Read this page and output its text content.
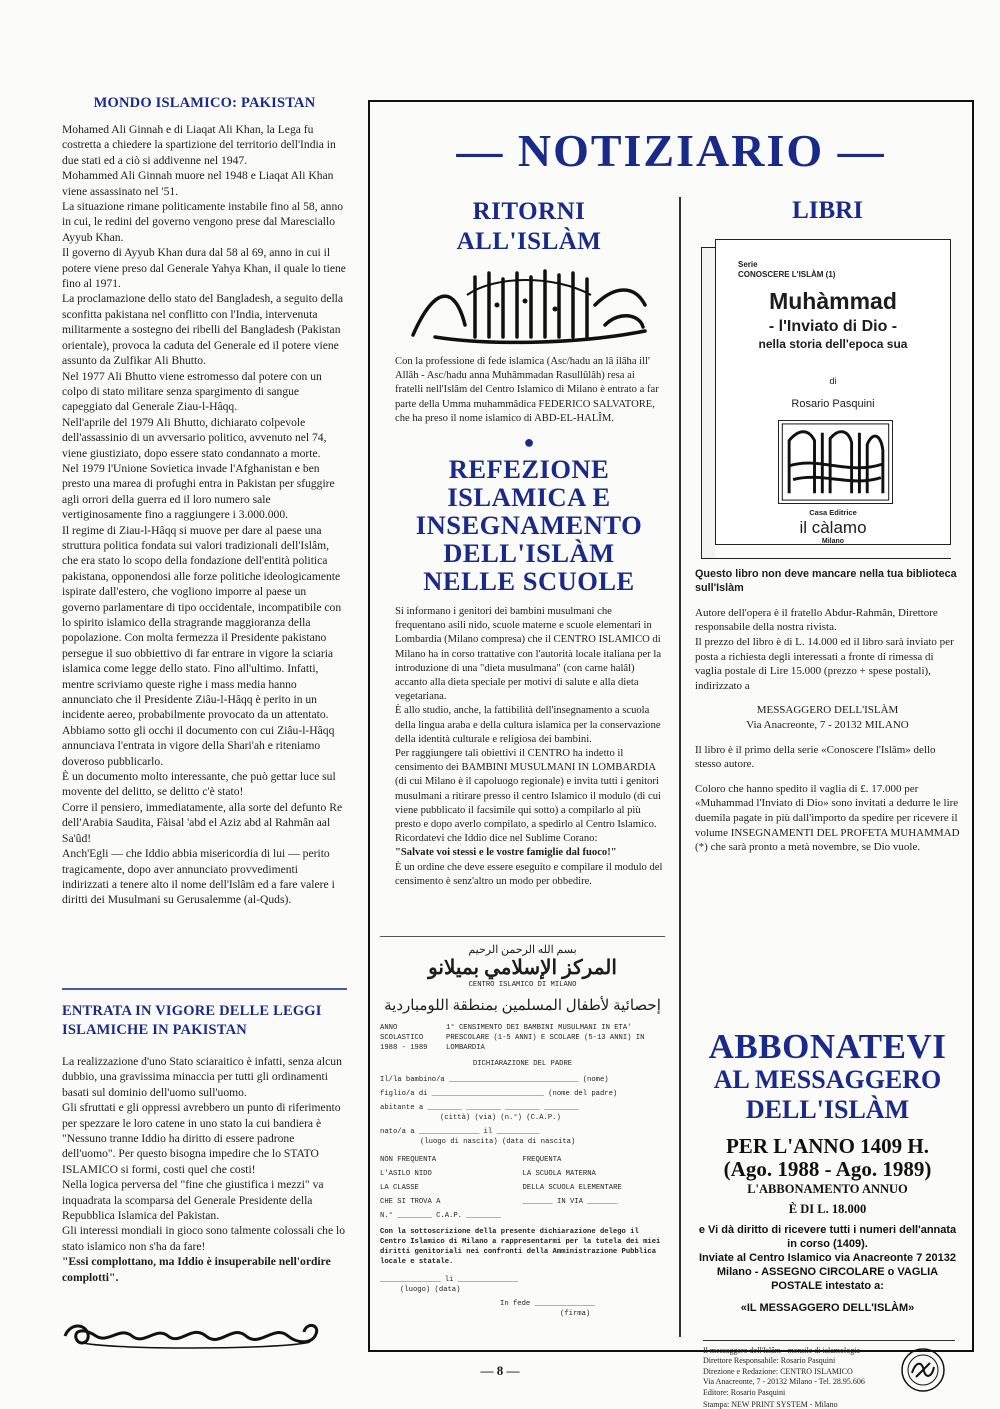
MONDO ISLAMICO: PAKISTAN

Mohamed Ali Ginnah e di Liaqat Ali Khan, la Lega fu costretta a chiedere la spartizione del territorio dell'India in due stati ed a ciò si addivenne nel 1947.

Mohammed Ali Ginnah muore nel 1948 e Liaqat Ali Khan viene assassinato nel '51.

La situazione rimane politicamente instabile fino al 58, anno in cui, le redini del governo vengono prese dal Maresciallo Ayyub Khan.

Il governo di Ayyub Khan dura dal 58 al 69, anno in cui il potere viene preso dal Generale Yahya Khan, il quale lo tiene fino al 1971.

La proclamazione dello stato del Bangladesh, a seguito della sconfitta pakistana nel conflitto con l'India, intervenuta militarmente a sostegno dei ribelli del Bangladesh (Pakistan orientale), provoca la caduta del Generale ed il potere viene assunto da Zulfikar Ali Bhutto.

Nel 1977 Ali Bhutto viene estromesso dal potere con un colpo di stato militare senza spargimento di sangue capeggiato dal Generale Ziau-l-Hâqq.

Nell'aprile del 1979 Ali Bhutto, dichiarato colpevole dell'assassinio di un avversario politico, avvenuto nel 74, viene giustiziato, dopo essere stato condannato a morte.

Nel 1979 l'Unione Sovietica invade l'Afghanistan e ben presto una marea di profughi entra in Pakistan per sfuggire agli orrori della guerra ed il loro numero sale vertiginosamente fino a raggiungere i 3.000.000.

Il regime di Ziau-l-Hâqq si muove per dare al paese una struttura politica fondata sui valori tradizionali dell'Islâm, che era stato lo scopo della fondazione dell'entità politica pakistana, opponendosi alle forze politiche ideologicamente ispirate dall'estero, che vogliono imporre al paese un governo parlamentare di tipo occidentale, incompatibile con lo spirito islamico della stragrande maggioranza della popolazione. Con molta fermezza il Presidente pakistano persegue il suo obbiettivo di far entrare in vigore la sciaria islamica come legge dello stato. Fino all'ultimo. Infatti, mentre scriviamo queste righe i mass media hanno annunciato che il Presidente Ziâu-l-Hâqq è perito in un incidente aereo, probabilmente provocato da un attentato.

Abbiamo sotto gli occhi il documento con cui Ziâu-l-Hâqq annunciava l'entrata in vigore della Shari'ah e riteniamo doveroso pubblicarlo.

È un documento molto interessante, che può gettar luce sul movente del delitto, se delitto c'è stato!

Corre il pensiero, immediatamente, alla sorte del defunto Re dell'Arabia Saudita, Fàisal 'abd el Aziz abd al Rahmân aal Sa'ûd!

Anch'Egli — che Iddio abbia misericordia di lui — perito tragicamente, dopo aver annunciato provvedimenti indirizzati a tenere alto il nome dell'Islâm ed a fare valere i diritti dei Musulmani su Gerusalemme (al-Quds).

ENTRATA IN VIGORE DELLE LEGGI ISLAMICHE IN PAKISTAN

La realizzazione d'uno Stato sciaraitico è infatti, senza alcun dubbio, una gravissima minaccia per tutti gli ordinamenti basati sul dominio dell'uomo sull'uomo.

Gli sfruttati e gli oppressi avrebbero un punto di riferimento per spezzare le loro catene in uno stato la cui bandiera è "Nessuno tranne Iddio ha diritto di essere padrone dell'uomo". Per questo bisogna impedire che lo STATO ISLAMICO si formi, costi quel che costi!

Nella logica perversa del "fine che giustifica i mezzi" va inquadrata la scomparsa del Generale Presidente della Repubblica Islamica del Pakistan.

Gli interessi mondiali in gioco sono talmente colossali che lo stato islamico non s'ha da fare!

"Essi complottano, ma Iddio è insuperabile nell'ordire complotti".

— NOTIZIARIO —
RITORNI
ALL'ISLÀM
Con la professione di fede islamica (Asc/hadu an lâ ilâha ill' Allâh - Asc/hadu anna Muhâmmadan Rasullûlâh) resa ai fratelli nell'Islâm del Centro Islamico di Milano è entrato a far parte della Umma muhammâdica FEDERICO SALVATORE, che ha preso il nome islamico di ABD-EL-HALÎM.
●
REFEZIONE
ISLAMICA E
INSEGNAMENTO
DELL'ISLÀM
NELLE SCUOLE

Si informano i genitori dei bambini musulmani che frequentano asili nido, scuole materne e scuole elementari in Lombardia (Milano compresa) che il CENTRO ISLAMICO di Milano ha in corso trattative con l'autorità locale italiana per la introduzione di una "dieta musulmana" (con carne halâl) accanto alla dieta speciale per motivi di salute e alla dieta vegetariana.

È allo studio, anche, la fattibilità dell'insegnamento a scuola della lingua araba e della cultura islamica per la conservazione della identità culturale e religiosa dei bambini.

Per raggiungere tali obiettivi il CENTRO ha indetto il censimento dei BAMBINI MUSULMANI IN LOMBARDIA (di cui Milano è il capoluogo regionale) e invita tutti i genitori musulmani a ritirare presso il centro Islamico il modulo (di cui viene pubblicato il facsimile qui sotto) a compilarlo al più presto e dopo averlo compilato, a spedirlo al Centro Islamico.

Ricordatevi che Iddio dice nel Sublime Corano:

"Salvate voi stessi e le vostre famiglie dal fuoco!"

È un ordine che deve essere eseguito e compilare il modulo del censimento è senz'altro un modo per obbedire.

بسم الله الرحمن الرحيم
المركز الإسلامي بميلانو
CENTRO ISLAMICO DI MILANO
إحصائية لأطفال المسلمين بمنطقة اللومباردية
ANNO SCOLASTICO 1988 - 1989
1° CENSIMENTO DEI BAMBINI MUSULMANI IN ETA' PRESCOLARE (1-5 ANNI) E SCOLARE (5-13 ANNI) IN LOMBARDIA
DICHIARAZIONE DEL PADRE
Il/la bambino/a ______________________________ (nome)
figlio/a di __________________________ (nome del padre)
abitante a ________ ________ ________ ________
(città) (via) (n.°) (C.A.P.)
nato/a a ______________ il __________
(luogo di nascita) (data di nascita)
NON FREQUENTA
L'ASILO NIDO
LA CLASSE
CHE SI TROVA A
FREQUENTA
LA SCUOLA MATERNA
DELLA SCUOLA ELEMENTARE
_______ IN VIA _______
N.° ________ C.A.P. ________
Con la sottoscrizione della presente dichiarazione delego il Centro Islamico di Milano a rappresentarmi per la tutela dei miei diritti genitoriali nei confronti della Amministrazione Pubblica locale e statale.
______________ li ______________
(luogo) (data)
In fede ______________
(firma)
LIBRI
Serie
CONOSCERE L'ISLÀM (1)
Muhàmmad
- l'Inviato di Dio -
nella storia dell'epoca sua
di
Rosario Pasquini
Casa Editrice
il càlamo
Milano
Questo libro non deve mancare nella tua biblioteca sull'Islàm

Autore dell'opera è il fratello Abdur-Rahmân, Direttore responsabile della nostra rivista.

Il prezzo del libro è di L. 14.000 ed il libro sarà inviato per posta a richiesta degli interessati a fronte di rimessa di vaglia postale di Lire 15.000 (prezzo + spese postali), indirizzato a

MESSAGGERO DELL'ISLÀM

Via Anacreonte, 7 - 20132 MILANO

Il libro è il primo della serie «Conoscere l'Islâm» dello stesso autore.

Coloro che hanno spedito il vaglia di £. 17.000 per «Muhammad l'Inviato di Dio» sono invitati a dedurre le lire duemila pagate in più dall'importo da spedire per ricevere il volume INSEGNAMENTI DEL PROFETA MUHAMMAD (*) che sarà pronto a metà novembre, se Dio vuole.

ABBONATEVI
AL MESSAGGERO
DELL'ISLÀM
PER L'ANNO 1409 H.
(Ago. 1988 - Ago. 1989)
L'ABBONAMENTO ANNUO
È DI L. 18.000
e Vi dà diritto di ricevere tutti i numeri dell'annata in corso (1409).
Inviate al Centro Islamico via Anacreonte 7 20132 Milano - ASSEGNO CIRCOLARE o VAGLIA POSTALE intestato a:
«IL MESSAGGERO DELL'ISLÀM»
Il messaggero dell'Islâm - mensile di islamologia
Direttore Responsabile: Rosario Pasquini
Direzione e Redazione: CENTRO ISLAMICO
Via Anacreonte, 7 - 20132 Milano - Tel. 28.95.606
Editore: Rosario Pasquini
Stampa: NEW PRINT SYSTEM - Milano
— 8 —
